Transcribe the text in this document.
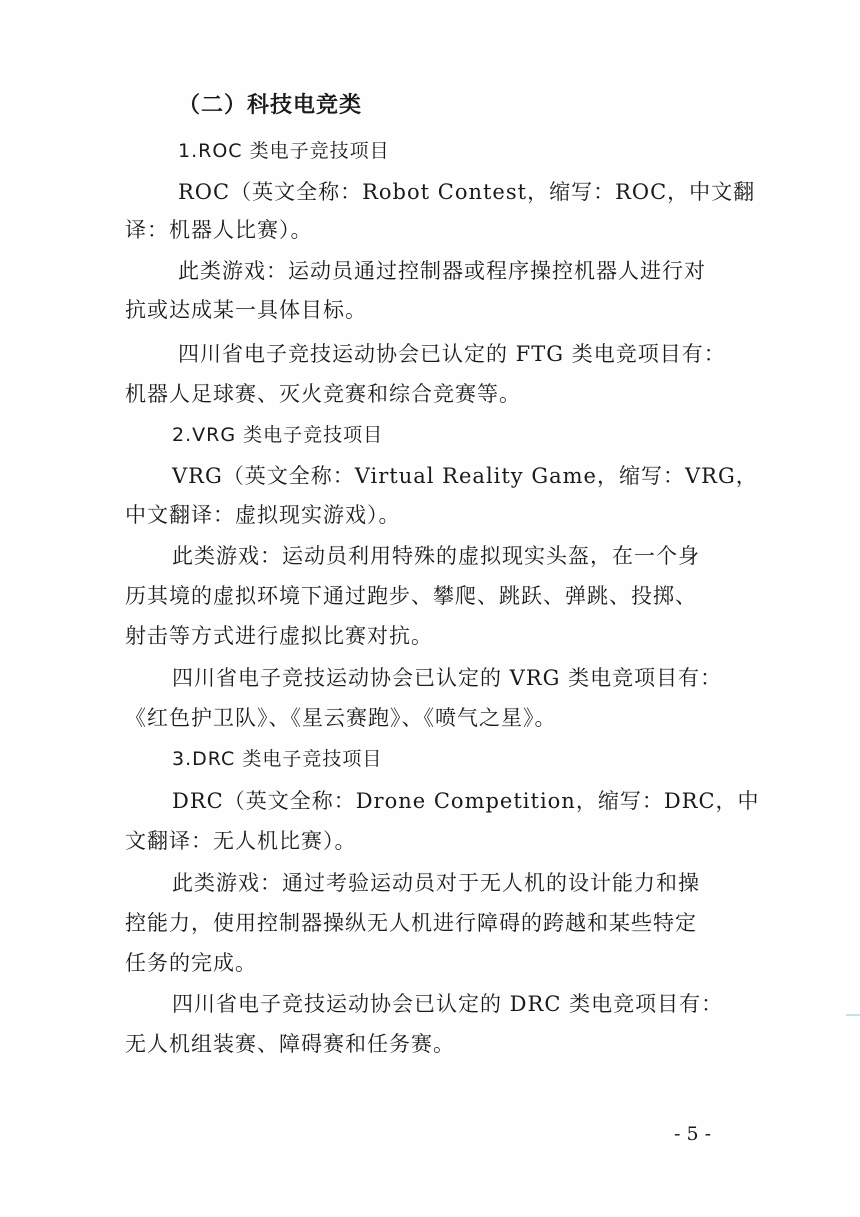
（二）科技电竞类
1.ROC 类电子竞技项目
ROC（英文全称：Robot Contest，缩写：ROC，中文翻
译：机器人比赛）。
此类游戏：运动员通过控制器或程序操控机器人进行对
抗或达成某一具体目标。
四川省电子竞技运动协会已认定的 FTG 类电竞项目有：
机器人足球赛、灭火竞赛和综合竞赛等。
2.VRG 类电子竞技项目
VRG（英文全称：Virtual Reality Game，缩写：VRG，
中文翻译：虚拟现实游戏）。
此类游戏：运动员利用特殊的虚拟现实头盔，在一个身
历其境的虚拟环境下通过跑步、攀爬、跳跃、弹跳、投掷、
射击等方式进行虚拟比赛对抗。
四川省电子竞技运动协会已认定的 VRG 类电竞项目有：
《红色护卫队》、《星云赛跑》、《喷气之星》。
3.DRC 类电子竞技项目
DRC（英文全称：Drone Competition，缩写：DRC，中
文翻译：无人机比赛）。
此类游戏：通过考验运动员对于无人机的设计能力和操
控能力，使用控制器操纵无人机进行障碍的跨越和某些特定
任务的完成。
四川省电子竞技运动协会已认定的 DRC 类电竞项目有：
无人机组装赛、障碍赛和任务赛。
- 5 -
